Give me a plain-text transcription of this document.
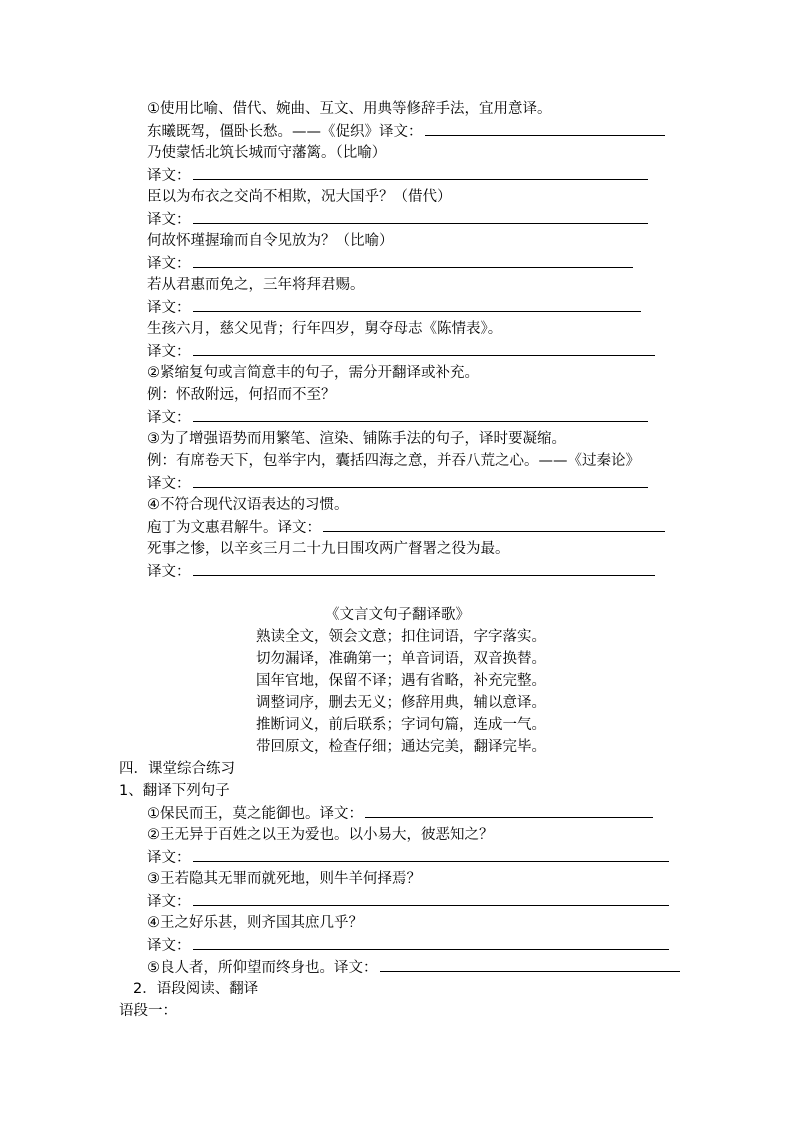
①使用比喻、借代、婉曲、互文、用典等修辞手法，宜用意译。
东曦既驾，僵卧长愁。——《促织》译文：
乃使蒙恬北筑长城而守藩篱。（比喻）
译文：
臣以为布衣之交尚不相欺，况大国乎？（借代）
译文：
何故怀瑾握瑜而自令见放为？（比喻）
译文：
若从君惠而免之，三年将拜君赐。
译文：
生孩六月，慈父见背；行年四岁，舅夺母志《陈情表》。
译文：
②紧缩复句或言简意丰的句子，需分开翻译或补充。
例：怀敌附远，何招而不至？
译文：
③为了增强语势而用繁笔、渲染、铺陈手法的句子，译时要凝缩。
例：有席卷天下，包举宇内，囊括四海之意，并吞八荒之心。——《过秦论》
译文：
④不符合现代汉语表达的习惯。
庖丁为文惠君解牛。译文：
死事之惨，以辛亥三月二十九日围攻两广督署之役为最。
译文：
《文言文句子翻译歌》
熟读全文，领会文意；扣住词语，字字落实。
切勿漏译，准确第一；单音词语，双音换替。
国年官地，保留不译；遇有省略，补充完整。
调整词序，删去无义；修辞用典，辅以意译。
推断词义，前后联系；字词句篇，连成一气。
带回原文，检查仔细；通达完美，翻译完毕。
四．课堂综合练习
1、翻译下列句子
①保民而王，莫之能御也。译文：
②王无异于百姓之以王为爱也。以小易大，彼恶知之？
译文：
③王若隐其无罪而就死地，则牛羊何择焉？
译文：
④王之好乐甚，则齐国其庶几乎？
译文：
⑤良人者，所仰望而终身也。译文：
2．语段阅读、翻译
语段一：
